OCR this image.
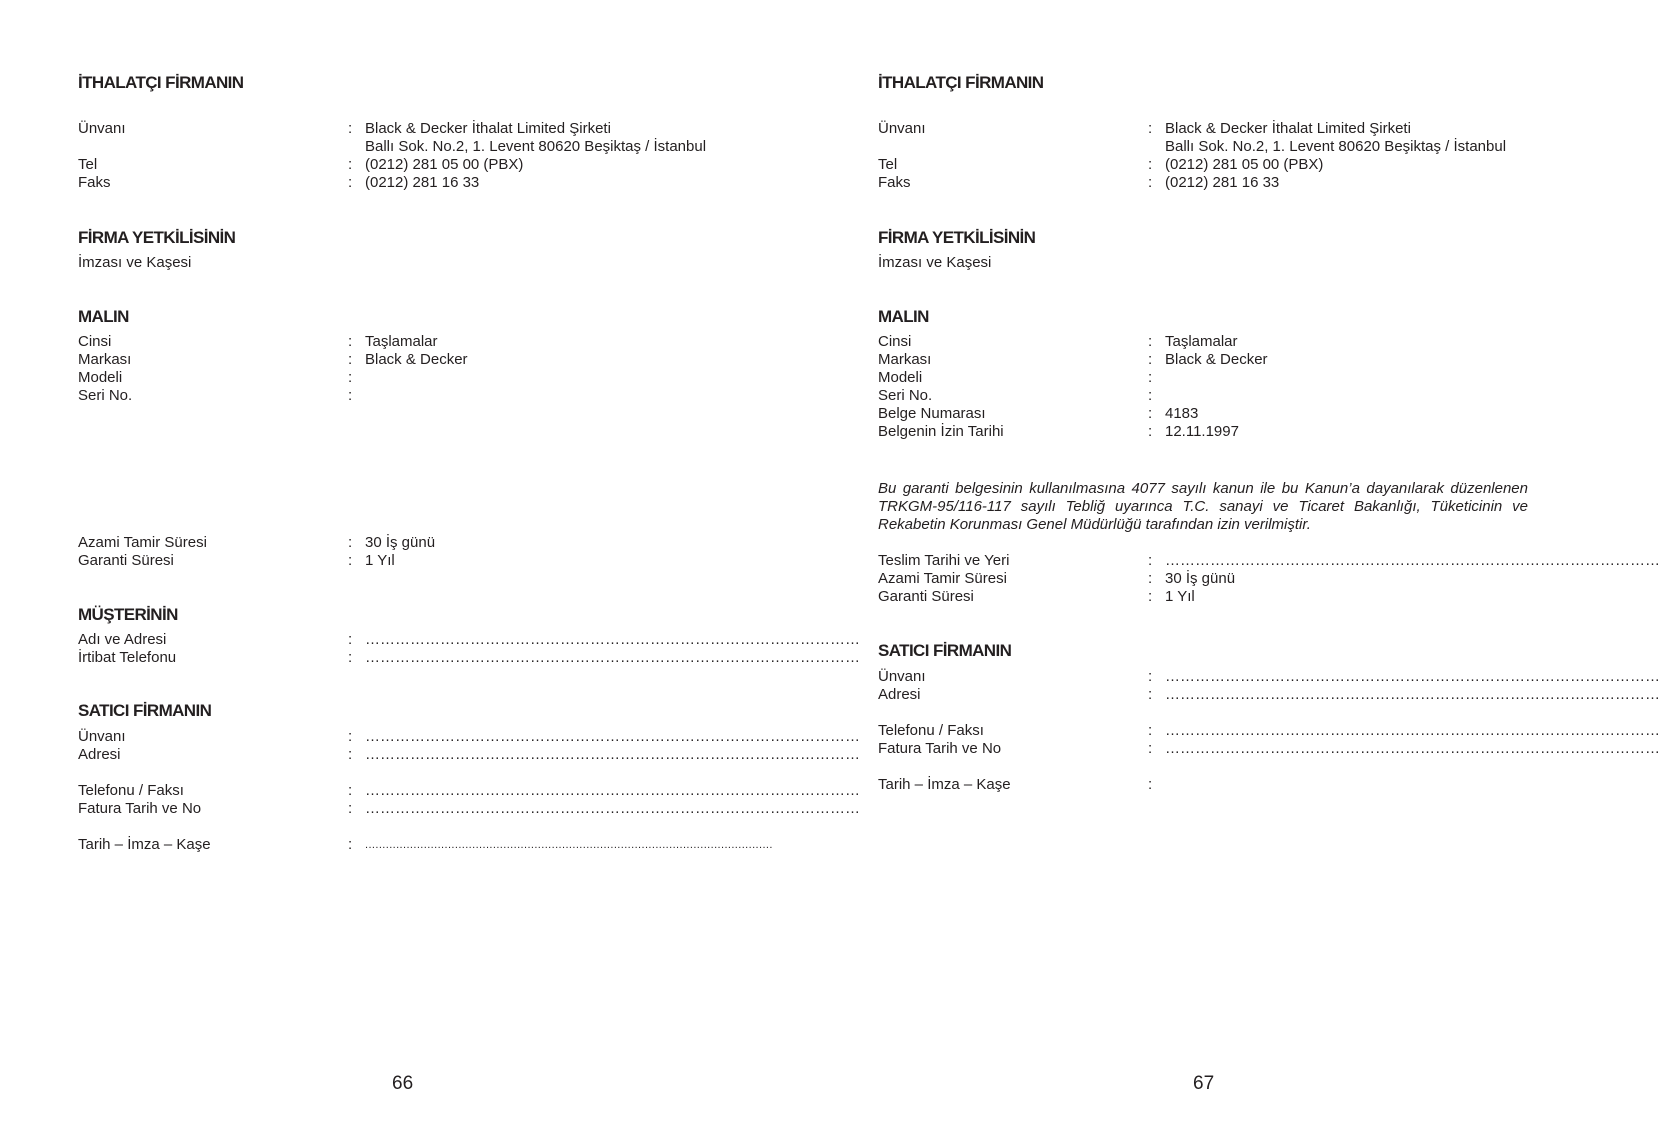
İTHALATÇI FİRMANIN
Ünvanı	: Black & Decker İthalat Limited Şirketi
Ballı Sok. No.2, 1. Levent 80620 Beşiktaş / İstanbul
Tel	: (0212) 281 05 00 (PBX)
Faks	: (0212) 281 16 33
FİRMA YETKİLİSİNİN
İmzası ve Kaşesi
MALIN
Cinsi	: Taşlamalar
Markası	: Black & Decker
Modeli	:
Seri No.	:
Azami Tamir Süresi	: 30 İş günü
Garanti Süresi	: 1 Yıl
MÜŞTERİNİN
Adı ve Adresi	: ………………………………………………………………………………………
İrtibat Telefonu	: ………………………………………………………………………………………
SATICI FİRMANIN
Ünvanı	: ………………………………………………………………………………………
Adresi	: ………………………………………………………………………………………
Telefonu / Faksı	: ………………………………………………………………………………………
Fatura Tarih ve No	: ………………………………………………………………………………………
Tarih – İmza – Kaşe	: ......................................................................................................................
66
İTHALATÇI FİRMANIN
Ünvanı	: Black & Decker İthalat Limited Şirketi
Ballı Sok. No.2, 1. Levent 80620 Beşiktaş / İstanbul
Tel	: (0212) 281 05 00 (PBX)
Faks	: (0212) 281 16 33
FİRMA YETKİLİSİNİN
İmzası ve Kaşesi
MALIN
Cinsi	: Taşlamalar
Markası	: Black & Decker
Modeli	:
Seri No.	:
Belge Numarası	: 4183
Belgenin İzin Tarihi	: 12.11.1997

Bu garanti belgesinin kullanılmasına 4077 sayılı kanun ile bu Kanun’a dayanılarak düzenlenen TRKGM-95/116-117 sayılı Tebliğ uyarınca T.C. sanayi ve Ticaret Bakanlığı, Tüketicinin ve Rekabetin Korunması Genel Müdürlüğü tarafından izin verilmiştir.

Teslim Tarihi ve Yeri	: ………………………………………………………………………………………
Azami Tamir Süresi	: 30 İş günü
Garanti Süresi	: 1 Yıl
SATICI FİRMANIN
Ünvanı	: ………………………………………………………………………………………
Adresi	: ………………………………………………………………………………………
Telefonu / Faksı	: ………………………………………………………………………………………
Fatura Tarih ve No	: ………………………………………………………………………………………
Tarih – İmza – Kaşe	:
67
